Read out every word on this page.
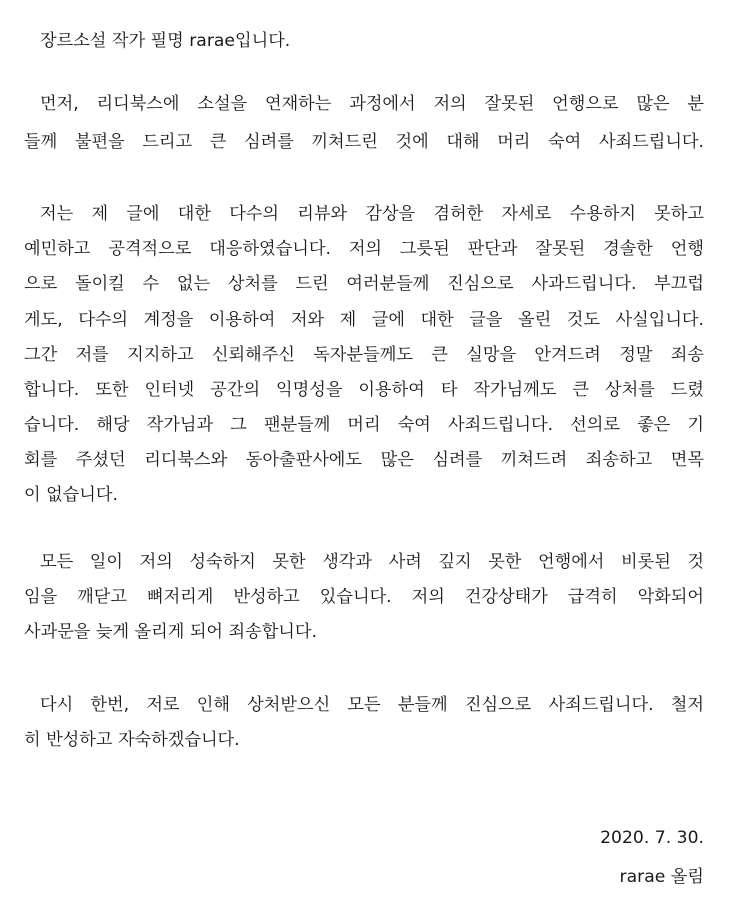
장르소설 작가 필명 rarae입니다.
먼저, 리디북스에 소설을 연재하는 과정에서 저의 잘못된 언행으로 많은 분
들께 불편을 드리고 큰 심려를 끼쳐드린 것에 대해 머리 숙여 사죄드립니다.
저는 제 글에 대한 다수의 리뷰와 감상을 겸허한 자세로 수용하지 못하고
예민하고 공격적으로 대응하였습니다. 저의 그릇된 판단과 잘못된 경솔한 언행
으로 돌이킬 수 없는 상처를 드린 여러분들께 진심으로 사과드립니다. 부끄럽
게도, 다수의 계정을 이용하여 저와 제 글에 대한 글을 올린 것도 사실입니다.
그간 저를 지지하고 신뢰해주신 독자분들께도 큰 실망을 안겨드려 정말 죄송
합니다. 또한 인터넷 공간의 익명성을 이용하여 타 작가님께도 큰 상처를 드렸
습니다. 해당 작가님과 그 팬분들께 머리 숙여 사죄드립니다. 선의로 좋은 기
회를 주셨던 리디북스와 동아출판사에도 많은 심려를 끼쳐드려 죄송하고 면목
이 없습니다.
모든 일이 저의 성숙하지 못한 생각과 사려 깊지 못한 언행에서 비롯된 것
임을 깨닫고 뼈저리게 반성하고 있습니다. 저의 건강상태가 급격히 악화되어
사과문을 늦게 올리게 되어 죄송합니다.
다시 한번, 저로 인해 상처받으신 모든 분들께 진심으로 사죄드립니다. 철저
히 반성하고 자숙하겠습니다.
2020. 7. 30.
rarae 올림
